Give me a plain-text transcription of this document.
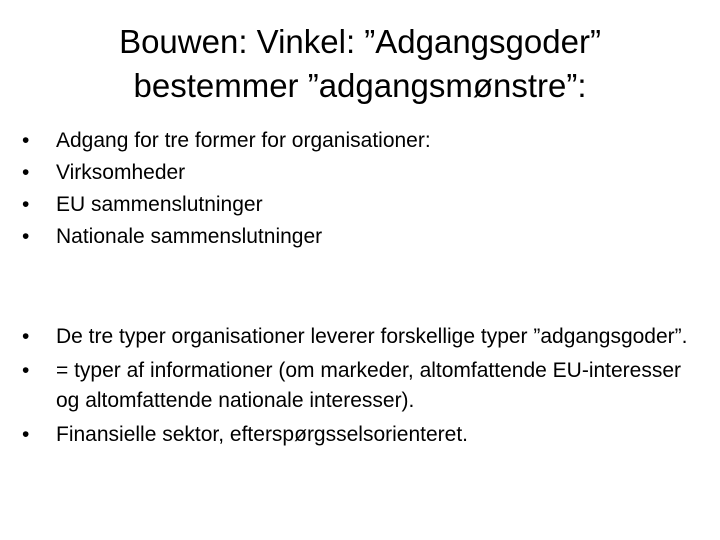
Bouwen: Vinkel: ”Adgangsgoder”
bestemmer ”adgangsmønstre”:
•	Adgang for tre former for organisationer:
•	Virksomheder
•	EU sammenslutninger
•	Nationale sammenslutninger
•	De tre typer organisationer leverer forskellige typer ”adgangsgoder”.
•	= typer af informationer (om markeder, altomfattende EU-interesser og altomfattende nationale interesser).
•	Finansielle sektor, efterspørgsselsorienteret.
